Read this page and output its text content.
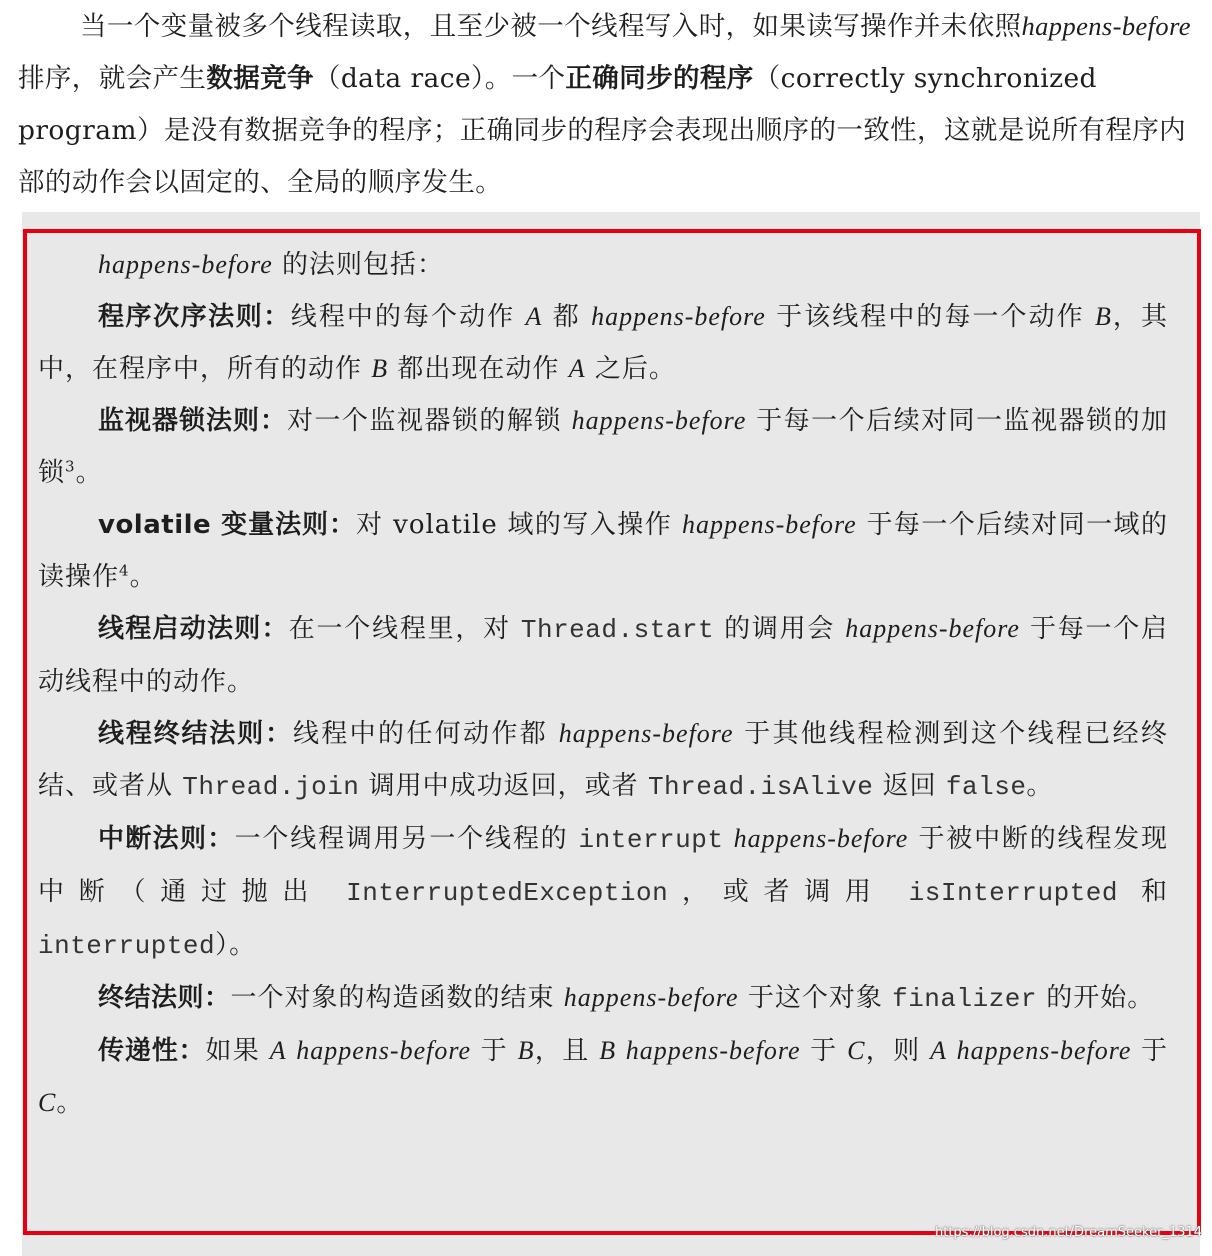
当一个变量被多个线程读取，且至少被一个线程写入时，如果读写操作并未依照happens-before 排序，就会产生数据竞争（data race）。一个正确同步的程序（correctly synchronized program）是没有数据竞争的程序；正确同步的程序会表现出顺序的一致性，这就是说所有程序内部的动作会以固定的、全局的顺序发生。

happens-before 的法则包括：

程序次序法则：线程中的每个动作 A 都 happens-before 于该线程中的每一个动作 B，其中，在程序中，所有的动作 B 都出现在动作 A 之后。

监视器锁法则：对一个监视器锁的解锁 happens-before 于每一个后续对同一监视器锁的加锁$^3$。

volatile 变量法则：对 volatile 域的写入操作 happens-before 于每一个后续对同一域的读操作$^4$。

线程启动法则：在一个线程里，对 Thread.start 的调用会 happens-before 于每一个启动线程中的动作。

线程终结法则：线程中的任何动作都 happens-before 于其他线程检测到这个线程已经终结、或者从 Thread.join 调用中成功返回，或者 Thread.isAlive 返回 false。

中断法则：一个线程调用另一个线程的 interrupt happens-before 于被中断的线程发现中断（通过抛出 InterruptedException，或者调用 isInterrupted 和 interrupted）。

终结法则：一个对象的构造函数的结束 happens-before 于这个对象 finalizer 的开始。

传递性：如果 A happens-before 于 B，且 B happens-before 于 C，则 A happens-before 于 C。

https://blog.csdn.net/DreamSeeker_1314
